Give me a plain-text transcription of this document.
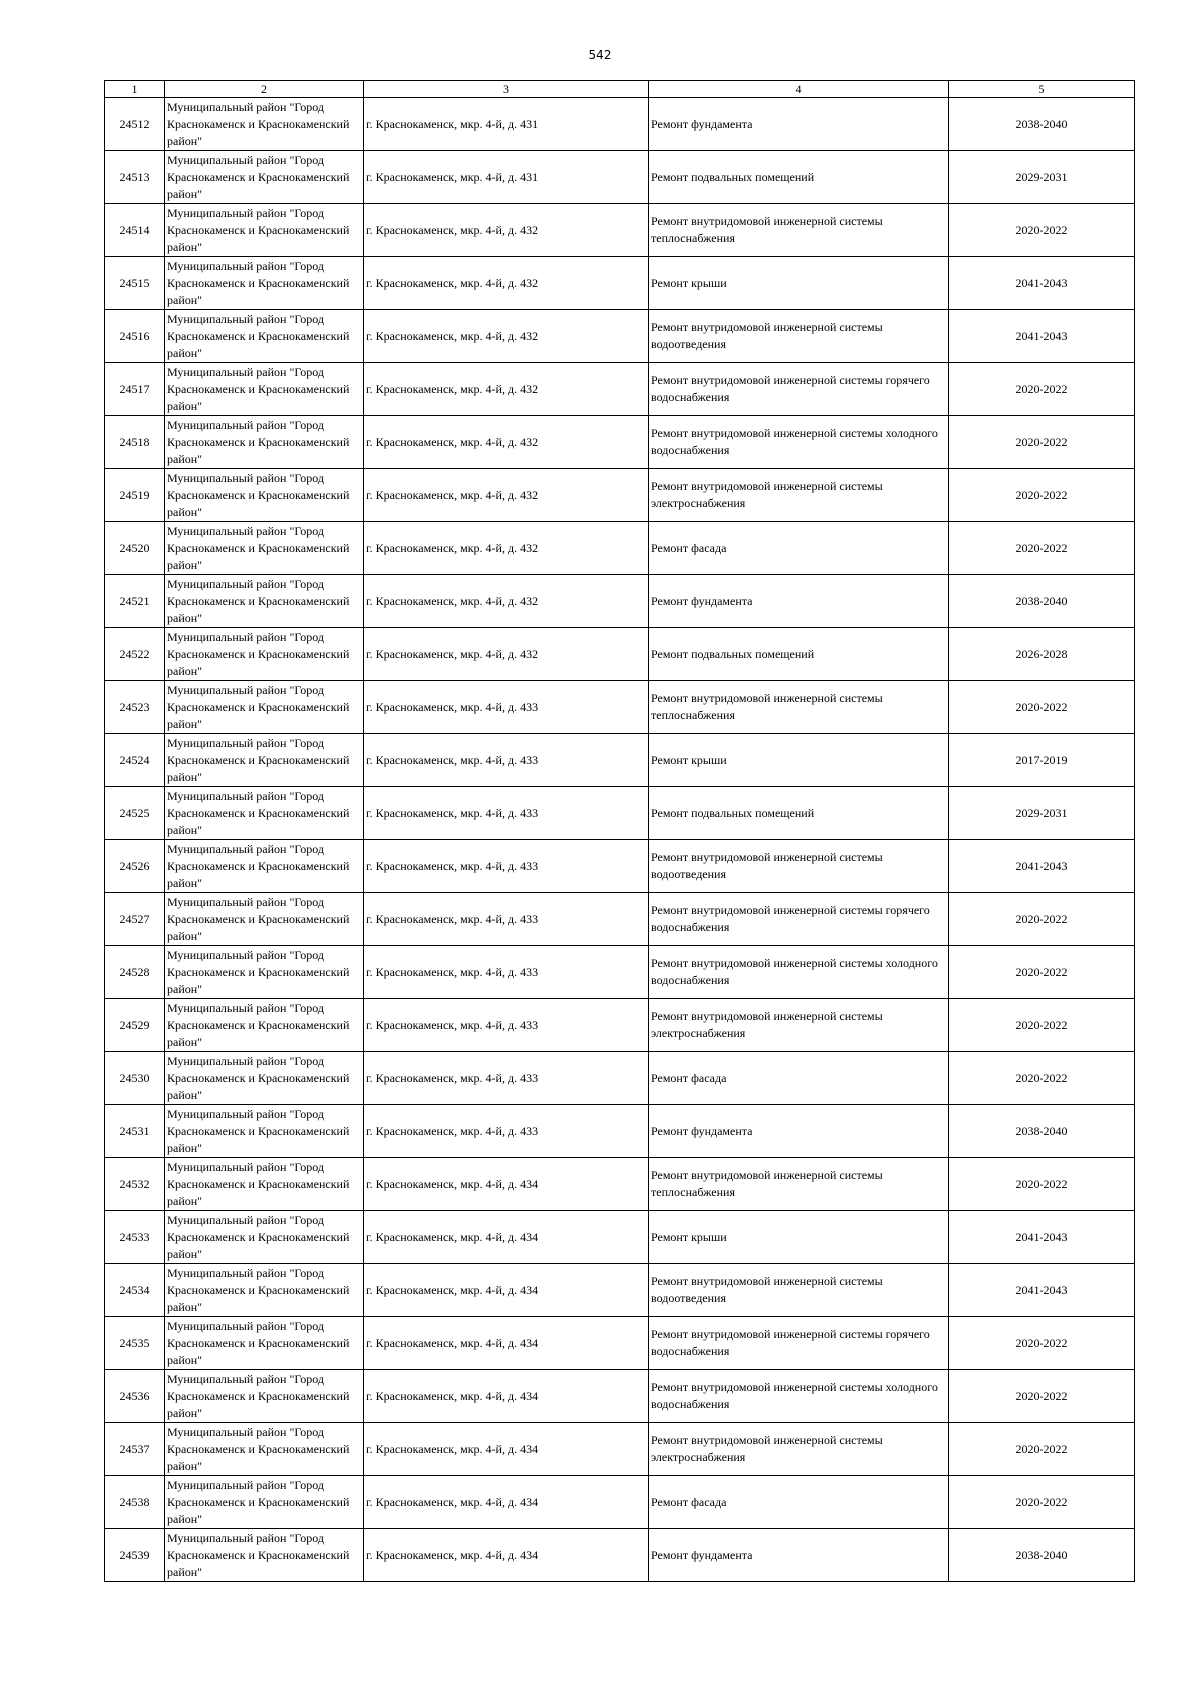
542
1	2	3	4	5
24512	Муниципальный район "Город Краснокаменск и Краснокаменский район"	г. Краснокаменск, мкр. 4-й, д. 431	Ремонт фундамента	2038-2040
24513	Муниципальный район "Город Краснокаменск и Краснокаменский район"	г. Краснокаменск, мкр. 4-й, д. 431	Ремонт подвальных помещений	2029-2031
24514	Муниципальный район "Город Краснокаменск и Краснокаменский район"	г. Краснокаменск, мкр. 4-й, д. 432	Ремонт внутридомовой инженерной системы теплоснабжения	2020-2022
24515	Муниципальный район "Город Краснокаменск и Краснокаменский район"	г. Краснокаменск, мкр. 4-й, д. 432	Ремонт крыши	2041-2043
24516	Муниципальный район "Город Краснокаменск и Краснокаменский район"	г. Краснокаменск, мкр. 4-й, д. 432	Ремонт внутридомовой инженерной системы водоотведения	2041-2043
24517	Муниципальный район "Город Краснокаменск и Краснокаменский район"	г. Краснокаменск, мкр. 4-й, д. 432	Ремонт внутридомовой инженерной системы горячего водоснабжения	2020-2022
24518	Муниципальный район "Город Краснокаменск и Краснокаменский район"	г. Краснокаменск, мкр. 4-й, д. 432	Ремонт внутридомовой инженерной системы холодного водоснабжения	2020-2022
24519	Муниципальный район "Город Краснокаменск и Краснокаменский район"	г. Краснокаменск, мкр. 4-й, д. 432	Ремонт внутридомовой инженерной системы электроснабжения	2020-2022
24520	Муниципальный район "Город Краснокаменск и Краснокаменский район"	г. Краснокаменск, мкр. 4-й, д. 432	Ремонт фасада	2020-2022
24521	Муниципальный район "Город Краснокаменск и Краснокаменский район"	г. Краснокаменск, мкр. 4-й, д. 432	Ремонт фундамента	2038-2040
24522	Муниципальный район "Город Краснокаменск и Краснокаменский район"	г. Краснокаменск, мкр. 4-й, д. 432	Ремонт подвальных помещений	2026-2028
24523	Муниципальный район "Город Краснокаменск и Краснокаменский район"	г. Краснокаменск, мкр. 4-й, д. 433	Ремонт внутридомовой инженерной системы теплоснабжения	2020-2022
24524	Муниципальный район "Город Краснокаменск и Краснокаменский район"	г. Краснокаменск, мкр. 4-й, д. 433	Ремонт крыши	2017-2019
24525	Муниципальный район "Город Краснокаменск и Краснокаменский район"	г. Краснокаменск, мкр. 4-й, д. 433	Ремонт подвальных помещений	2029-2031
24526	Муниципальный район "Город Краснокаменск и Краснокаменский район"	г. Краснокаменск, мкр. 4-й, д. 433	Ремонт внутридомовой инженерной системы водоотведения	2041-2043
24527	Муниципальный район "Город Краснокаменск и Краснокаменский район"	г. Краснокаменск, мкр. 4-й, д. 433	Ремонт внутридомовой инженерной системы горячего водоснабжения	2020-2022
24528	Муниципальный район "Город Краснокаменск и Краснокаменский район"	г. Краснокаменск, мкр. 4-й, д. 433	Ремонт внутридомовой инженерной системы холодного водоснабжения	2020-2022
24529	Муниципальный район "Город Краснокаменск и Краснокаменский район"	г. Краснокаменск, мкр. 4-й, д. 433	Ремонт внутридомовой инженерной системы электроснабжения	2020-2022
24530	Муниципальный район "Город Краснокаменск и Краснокаменский район"	г. Краснокаменск, мкр. 4-й, д. 433	Ремонт фасада	2020-2022
24531	Муниципальный район "Город Краснокаменск и Краснокаменский район"	г. Краснокаменск, мкр. 4-й, д. 433	Ремонт фундамента	2038-2040
24532	Муниципальный район "Город Краснокаменск и Краснокаменский район"	г. Краснокаменск, мкр. 4-й, д. 434	Ремонт внутридомовой инженерной системы теплоснабжения	2020-2022
24533	Муниципальный район "Город Краснокаменск и Краснокаменский район"	г. Краснокаменск, мкр. 4-й, д. 434	Ремонт крыши	2041-2043
24534	Муниципальный район "Город Краснокаменск и Краснокаменский район"	г. Краснокаменск, мкр. 4-й, д. 434	Ремонт внутридомовой инженерной системы водоотведения	2041-2043
24535	Муниципальный район "Город Краснокаменск и Краснокаменский район"	г. Краснокаменск, мкр. 4-й, д. 434	Ремонт внутридомовой инженерной системы горячего водоснабжения	2020-2022
24536	Муниципальный район "Город Краснокаменск и Краснокаменский район"	г. Краснокаменск, мкр. 4-й, д. 434	Ремонт внутридомовой инженерной системы холодного водоснабжения	2020-2022
24537	Муниципальный район "Город Краснокаменск и Краснокаменский район"	г. Краснокаменск, мкр. 4-й, д. 434	Ремонт внутридомовой инженерной системы электроснабжения	2020-2022
24538	Муниципальный район "Город Краснокаменск и Краснокаменский район"	г. Краснокаменск, мкр. 4-й, д. 434	Ремонт фасада	2020-2022
24539	Муниципальный район "Город Краснокаменск и Краснокаменский район"	г. Краснокаменск, мкр. 4-й, д. 434	Ремонт фундамента	2038-2040
